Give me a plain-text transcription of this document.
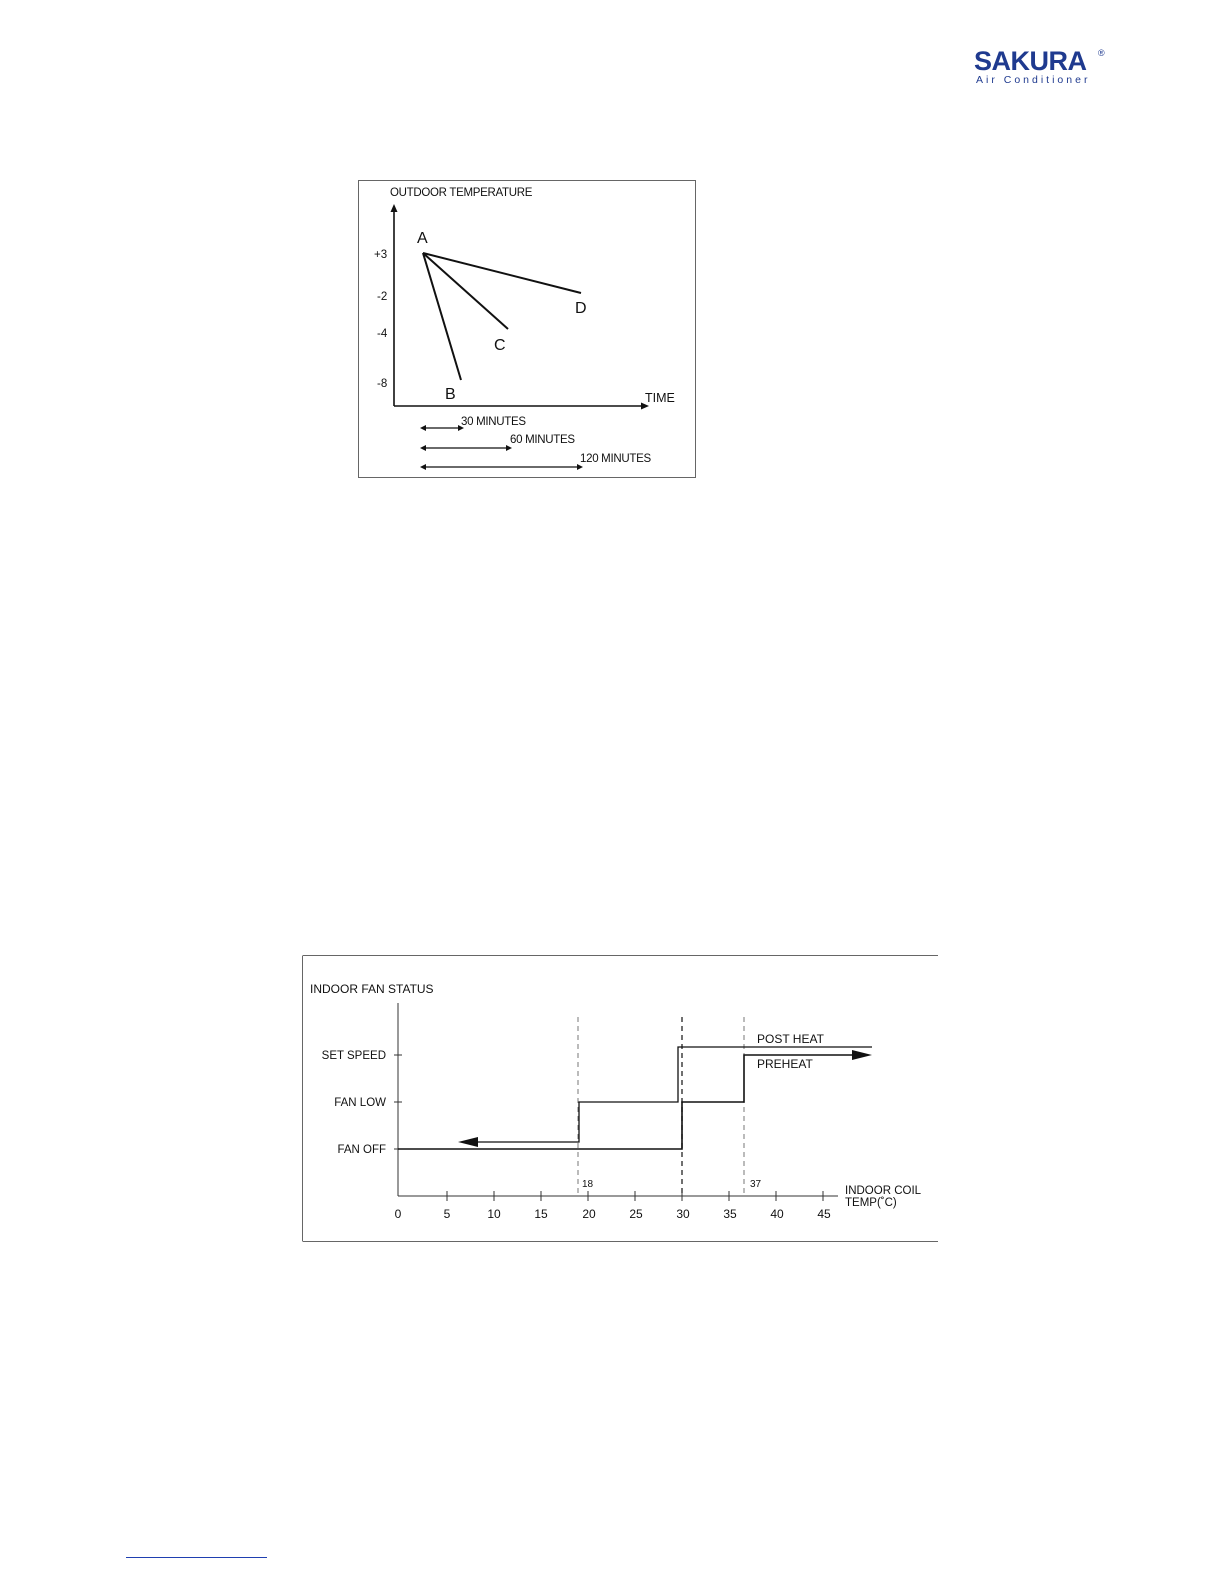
SAKURA ®
Air Conditioner
OUTDOOR TEMPERATURE
TIME
+3
-2
-4
-8
A
B
C
D
30 MINUTES
60 MINUTES
120 MINUTES
INDOOR FAN STATUS
SET SPEED
FAN LOW
FAN OFF
0	5	10	15	20	25	30	35	40	45
INDOOR COIL
TEMP(˚C)
18	37
POST HEAT
PREHEAT
